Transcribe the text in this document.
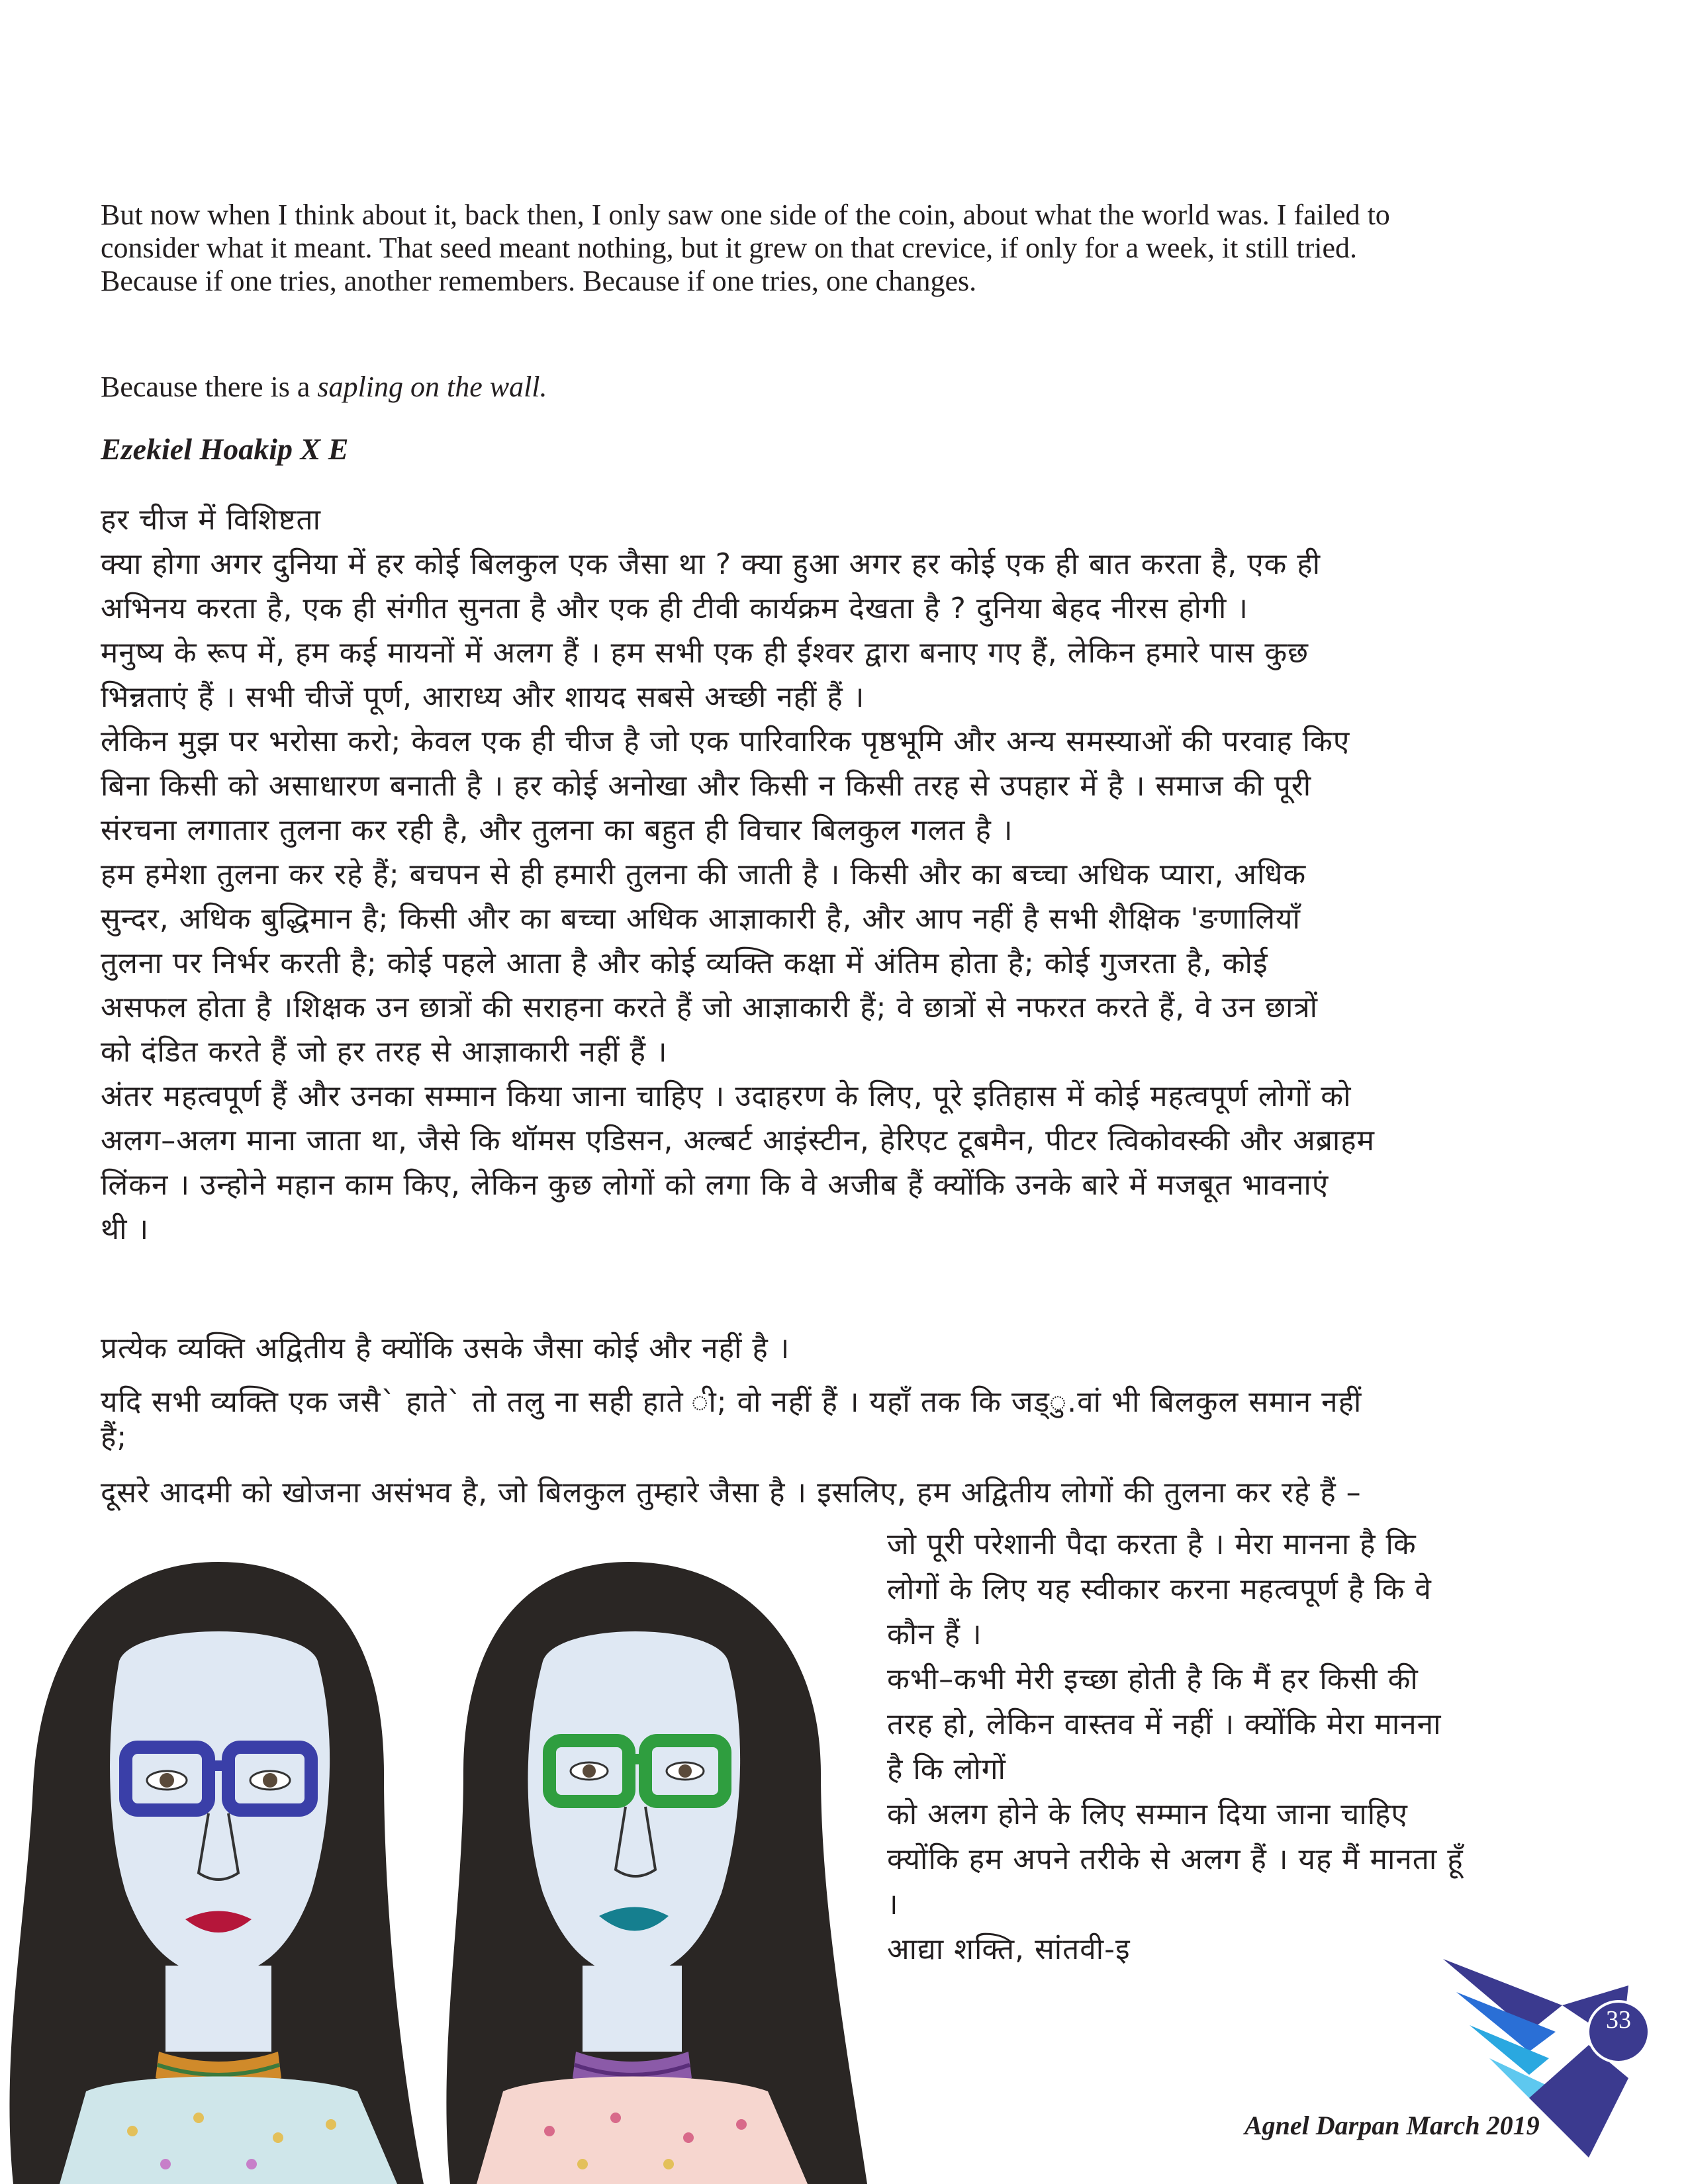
But now when I think about it, back then, I only saw one side of the coin, about what the world was. I failed to

consider what it meant. That seed meant nothing, but it grew on that crevice, if only for a week, it still tried.

Because if one tries, another remembers. Because if one tries, one changes.

Because there is a sapling on the wall.
Ezekiel Hoakip X E

हर चीज में विशिष्टता

क्या होगा अगर दुनिया में हर कोई बिलकुल एक जैसा था ? क्या हुआ अगर हर कोई एक ही बात करता है, एक ही

अभिनय करता है, एक ही संगीत सुनता है और एक ही टीवी कार्यक्रम देखता है ? दुनिया बेहद नीरस होगी ।

मनुष्य के रूप में, हम कई मायनों में अलग हैं । हम सभी एक ही ईश्वर द्वारा बनाए गए हैं, लेकिन हमारे पास कुछ

भिन्नताएं हैं । सभी चीजें पूर्ण, आराध्य और शायद सबसे अच्छी नहीं हैं ।

लेकिन मुझ पर भरोसा करो; केवल एक ही चीज है जो एक पारिवारिक पृष्ठभूमि और अन्य समस्याओं की परवाह किए

बिना किसी को असाधारण बनाती है । हर कोई अनोखा और किसी न किसी तरह से उपहार में है । समाज की पूरी

संरचना लगातार तुलना कर रही है, और तुलना का बहुत ही विचार बिलकुल गलत है ।

हम हमेशा तुलना कर रहे हैं; बचपन से ही हमारी तुलना की जाती है । किसी और का बच्चा अधिक प्यारा, अधिक

सुन्दर, अधिक बुद्धिमान है; किसी और का बच्चा अधिक आज्ञाकारी है, और आप नहीं है सभी शैक्षिक 'ङणालियाँ

तुलना पर निर्भर करती है; कोई पहले आता है और कोई व्यक्ति कक्षा में अंतिम होता है; कोई गुजरता है, कोई

असफल होता है ।शिक्षक उन छात्रों की सराहना करते हैं जो आज्ञाकारी हैं; वे छात्रों से नफरत करते हैं, वे उन छात्रों

को दंडित करते हैं जो हर तरह से आज्ञाकारी नहीं हैं ।

अंतर महत्वपूर्ण हैं और उनका सम्मान किया जाना चाहिए । उदाहरण के लिए, पूरे इतिहास में कोई महत्वपूर्ण लोगों को

अलग–अलग माना जाता था, जैसे कि थॉमस एडिसन, अल्बर्ट आइंस्टीन, हेरिएट टूबमैन, पीटर त्विकोवस्की और अब्राहम

लिंकन । उन्होने महान काम किए, लेकिन कुछ लोगों को लगा कि वे अजीब हैं क्योंकि उनके बारे में मजबूत भावनाएं

थी ।

प्रत्येक व्यक्ति अद्वितीय है क्योंकि उसके जैसा कोई और नहीं है ।

यदि सभी व्यक्ति एक जसै` हाते` तो तलु ना सही हाते ी; वो नहीं हैं । यहाँ तक कि जड्ु.वां भी बिलकुल समान नहीं

हैं;

दूसरे आदमी को खोजना असंभव है, जो बिलकुल तुम्हारे जैसा है । इसलिए, हम अद्वितीय लोगों की तुलना कर रहे हैं –

जो पूरी परेशानी पैदा करता है । मेरा मानना है कि

लोगों के लिए यह स्वीकार करना महत्वपूर्ण है कि वे

कौन हैं ।

कभी–कभी मेरी इच्छा होती है कि मैं हर किसी की

तरह हो, लेकिन वास्तव में नहीं । क्योंकि मेरा मानना

है कि लोगों

को अलग होने के लिए सम्मान दिया जाना चाहिए

क्योंकि हम अपने तरीके से अलग हैं । यह मैं मानता हूँ

।

आद्या शक्ति, सांतवी-इ

33
Agnel Darpan March 2019
